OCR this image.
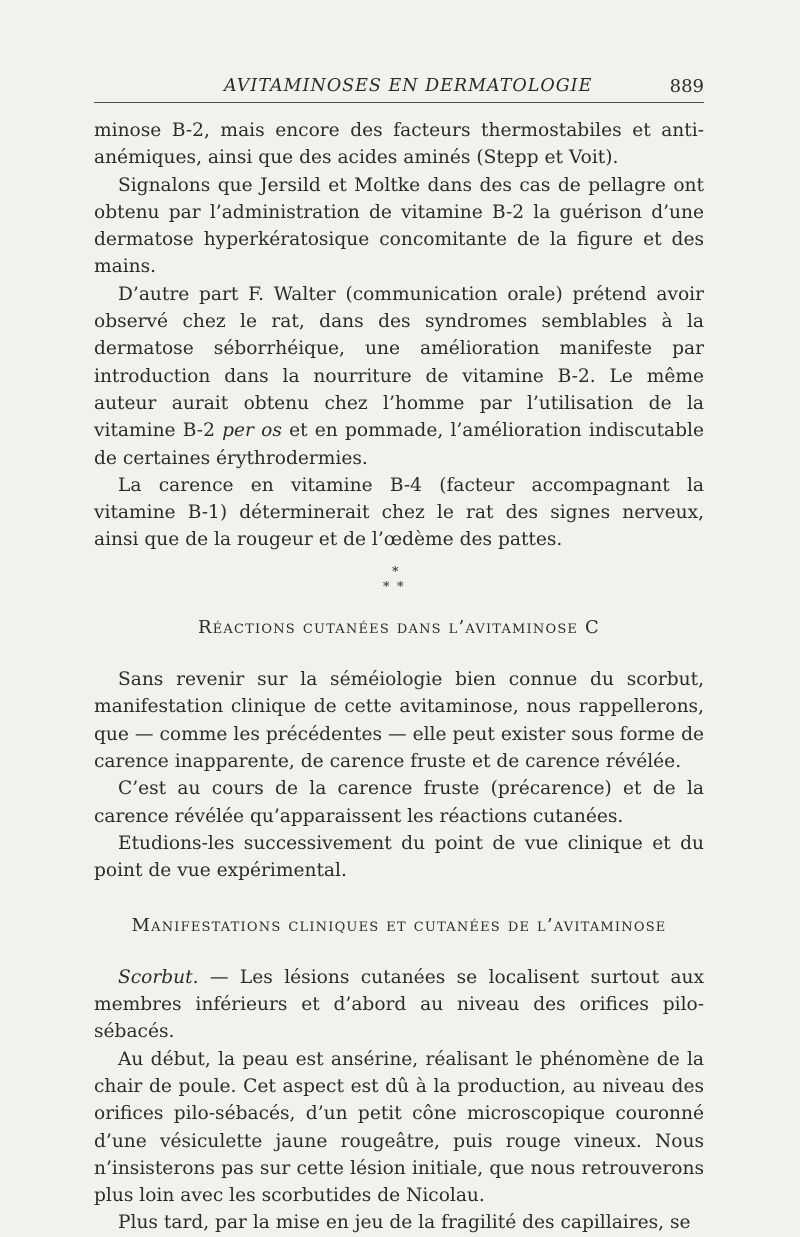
AVITAMINOSES EN DERMATOLOGIE	889

minose B-2, mais encore des facteurs thermostabiles et anti-anémiques, ainsi que des acides aminés (Stepp et Voit).

Signalons que Jersild et Moltke dans des cas de pellagre ont obtenu par l’administration de vitamine B-2 la guérison d’une dermatose hyperkératosique concomitante de la figure et des mains.

D’autre part F. Walter (communication orale) prétend avoir observé chez le rat, dans des syndromes semblables à la dermatose séborrhéique, une amélioration manifeste par introduction dans la nourriture de vitamine B-2. Le même auteur aurait obtenu chez l’homme par l’utilisation de la vitamine B-2 per os et en pommade, l’amélioration indiscutable de certaines érythrodermies.

La carence en vitamine B-4 (facteur accompagnant la vitamine B-1) déterminerait chez le rat des signes nerveux, ainsi que de la rougeur et de l’œdème des pattes.

*
* *
Réactions cutanées dans l’avitaminose C

Sans revenir sur la séméiologie bien connue du scorbut, manifestation clinique de cette avitaminose, nous rappellerons, que — comme les précédentes — elle peut exister sous forme de carence inapparente, de carence fruste et de carence révélée.

C’est au cours de la carence fruste (précarence) et de la carence révélée qu’apparaissent les réactions cutanées.

Etudions-les successivement du point de vue clinique et du point de vue expérimental.

Manifestations cliniques et cutanées de l’avitaminose

Scorbut. — Les lésions cutanées se localisent surtout aux membres inférieurs et d’abord au niveau des orifices pilo-sébacés.

Au début, la peau est ansérine, réalisant le phénomène de la chair de poule. Cet aspect est dû à la production, au niveau des orifices pilo-sébacés, d’un petit cône microscopique couronné d’une vésiculette jaune rougeâtre, puis rouge vineux. Nous n’insisterons pas sur cette lésion initiale, que nous retrouverons plus loin avec les scorbutides de Nicolau.

Plus tard, par la mise en jeu de la fragilité des capillaires, se
